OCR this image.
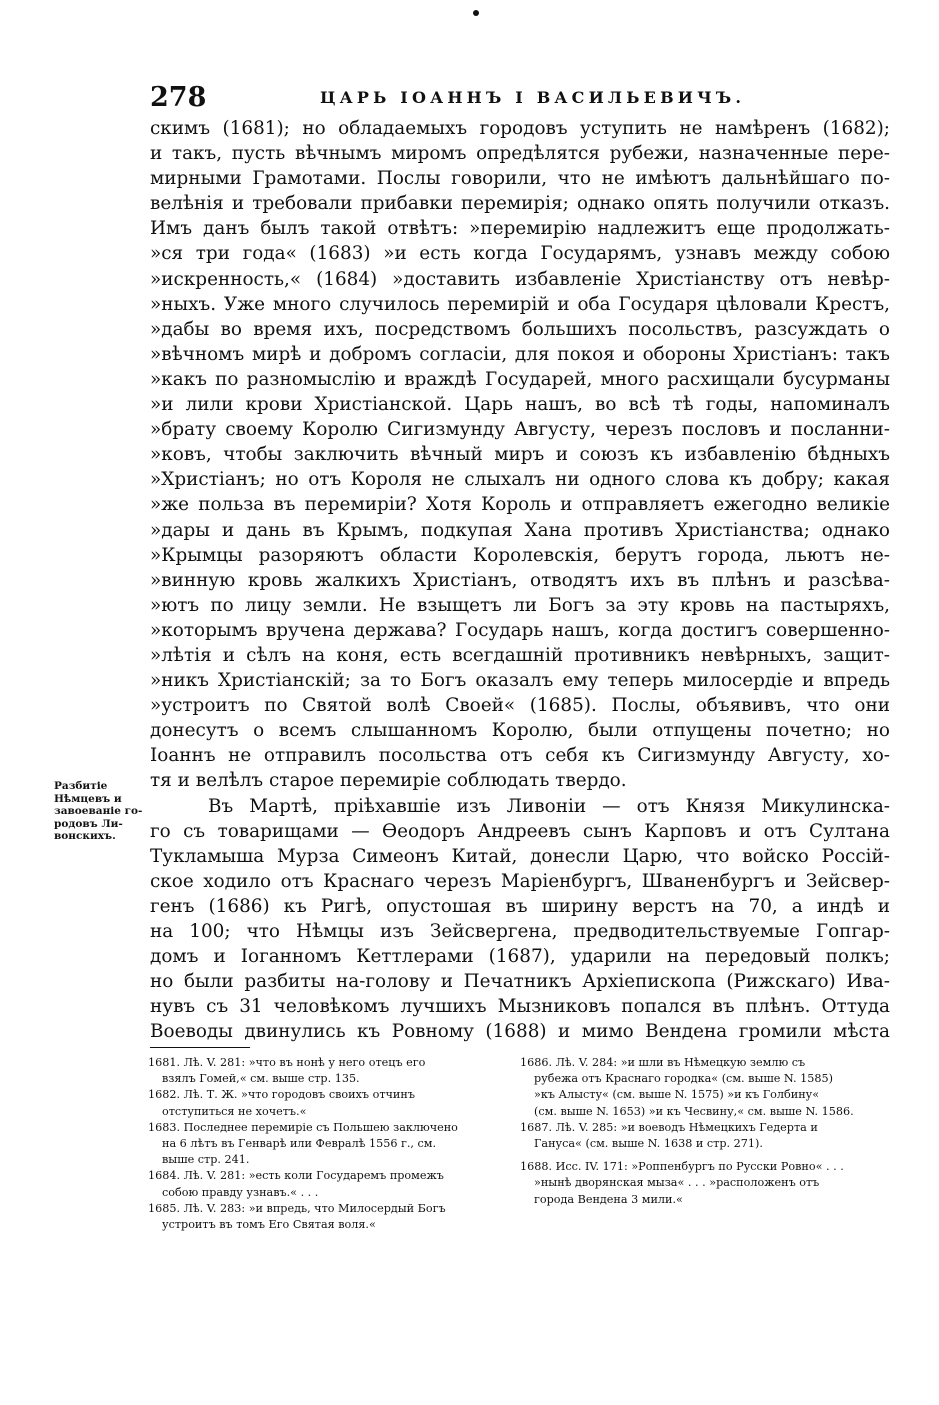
278	ЦАРЬ ІОАННЪ І ВАСИЛЬЕВИЧЪ.
скимъ (1681); но обладаемыхъ городовъ уступить не намѣренъ (1682);
и такъ, пусть вѣчнымъ миромъ опредѣлятся рубежи, назначенные пере-
мирными Грамотами. Послы говорили, что не имѣютъ дальнѣйшаго по-
велѣнія и требовали прибавки перемирія; однако опять получили отказъ.
Имъ данъ былъ такой отвѣтъ: »перемирію надлежитъ еще продолжать-
»ся три года« (1683) »и есть когда Государямъ, узнавъ между собою
»искренность,« (1684) »доставить избавленіе Христіанству отъ невѣр-
»ныхъ. Уже много случилось перемирій и оба Государя цѣловали Крестъ,
»дабы во время ихъ, посредствомъ большихъ посольствъ, разсуждать о
»вѣчномъ мирѣ и добромъ согласіи, для покоя и обороны Христіанъ: такъ
»какъ по разномыслію и враждѣ Государей, много расхищали бусурманы
»и лили крови Христіанской. Царь нашъ, во всѣ тѣ годы, напоминалъ
»брату своему Королю Сигизмунду Августу, черезъ пословъ и посланни-
»ковъ, чтобы заключить вѣчный миръ и союзъ къ избавленію бѣдныхъ
»Христіанъ; но отъ Короля не слыхалъ ни одного слова къ добру; какая
»же польза въ перемиріи? Хотя Король и отправляетъ ежегодно великіе
»дары и дань въ Крымъ, подкупая Хана противъ Христіанства; однако
»Крымцы разоряютъ области Королевскія, берутъ города, льютъ не-
»винную кровь жалкихъ Христіанъ, отводятъ ихъ въ плѣнъ и разсѣва-
»ютъ по лицу земли. Не взыщетъ ли Богъ за эту кровь на пастыряхъ,
»которымъ вручена держава? Государь нашъ, когда достигъ совершенно-
»лѣтія и сѣлъ на коня, есть всегдашній противникъ невѣрныхъ, защит-
»никъ Христіанскій; за то Богъ оказалъ ему теперь милосердіе и впредь
»устроитъ по Святой волѣ Своей« (1685). Послы, объявивъ, что они
донесутъ о всемъ слышанномъ Королю, были отпущены почетно; но
Іоаннъ не отправилъ посольства отъ себя къ Сигизмунду Августу, хо-
тя и велѣлъ старое перемиріе соблюдать твердо.
Въ Мартѣ, пріѣхавшіе изъ Ливоніи — отъ Князя Микулинска-
го съ товарищами — Ѳеодоръ Андреевъ сынъ Карповъ и отъ Султана
Тукламыша Мурза Симеонъ Китай, донесли Царю, что войско Россій-
ское ходило отъ Краснаго черезъ Маріенбургъ, Шваненбургъ и Зейсвер-
генъ (1686) къ Ригѣ, опустошая въ ширину верстъ на 70, а индѣ и
на 100; что Нѣмцы изъ Зейсвергена, предводительствуемые Гопгар-
домъ и Іоганномъ Кеттлерами (1687), ударили на передовый полкъ;
но были разбиты на-голову и Печатникъ Архіепископа (Рижскаго) Ива-
нувъ съ 31 человѣкомъ лучшихъ Мызниковъ попался въ плѣнъ. Оттуда
Воеводы двинулись къ Ровному (1688) и мимо Вендена громили мѣста
Разбитіе
Нѣмцевъ и
завоеваніе го-
родовъ Ли-
вонскихъ.
1681. Лѣ. V. 281: »что въ нонѣ у него отецъ его
взялъ Гомей,« см. выше стр. 135.
1682. Лѣ. Т. Ж. »что городовъ своихъ отчинъ
отступиться не хочетъ.«
1683. Последнее перемиріе съ Польшею заключено
на 6 лѣтъ въ Генварѣ или Февралѣ 1556 г., см.
выше стр. 241.
1684. Лѣ. V. 281: »есть коли Государемъ промежъ
собою правду узнавъ.« . . .
1685. Лѣ. V. 283: »и впредь, что Милосердый Богъ
устроитъ въ томъ Его Святая воля.«
1686. Лѣ. V. 284: »и шли въ Нѣмецкую землю съ
рубежа отъ Краснаго городка« (см. выше N. 1585)
»къ Алысту« (см. выше N. 1575) »и къ Голбину«
(см. выше N. 1653) »и къ Чесвину,« см. выше N. 1586.
1687. Лѣ. V. 285: »и воеводъ Нѣмецкихъ Гедерта и
Гануса« (см. выше N. 1638 и стр. 271).
1688. Исс. IV. 171: »Роппенбургъ по Русски Ровно« . . .
»нынѣ дворянская мыза« . . . »расположенъ отъ
города Вендена 3 мили.«
